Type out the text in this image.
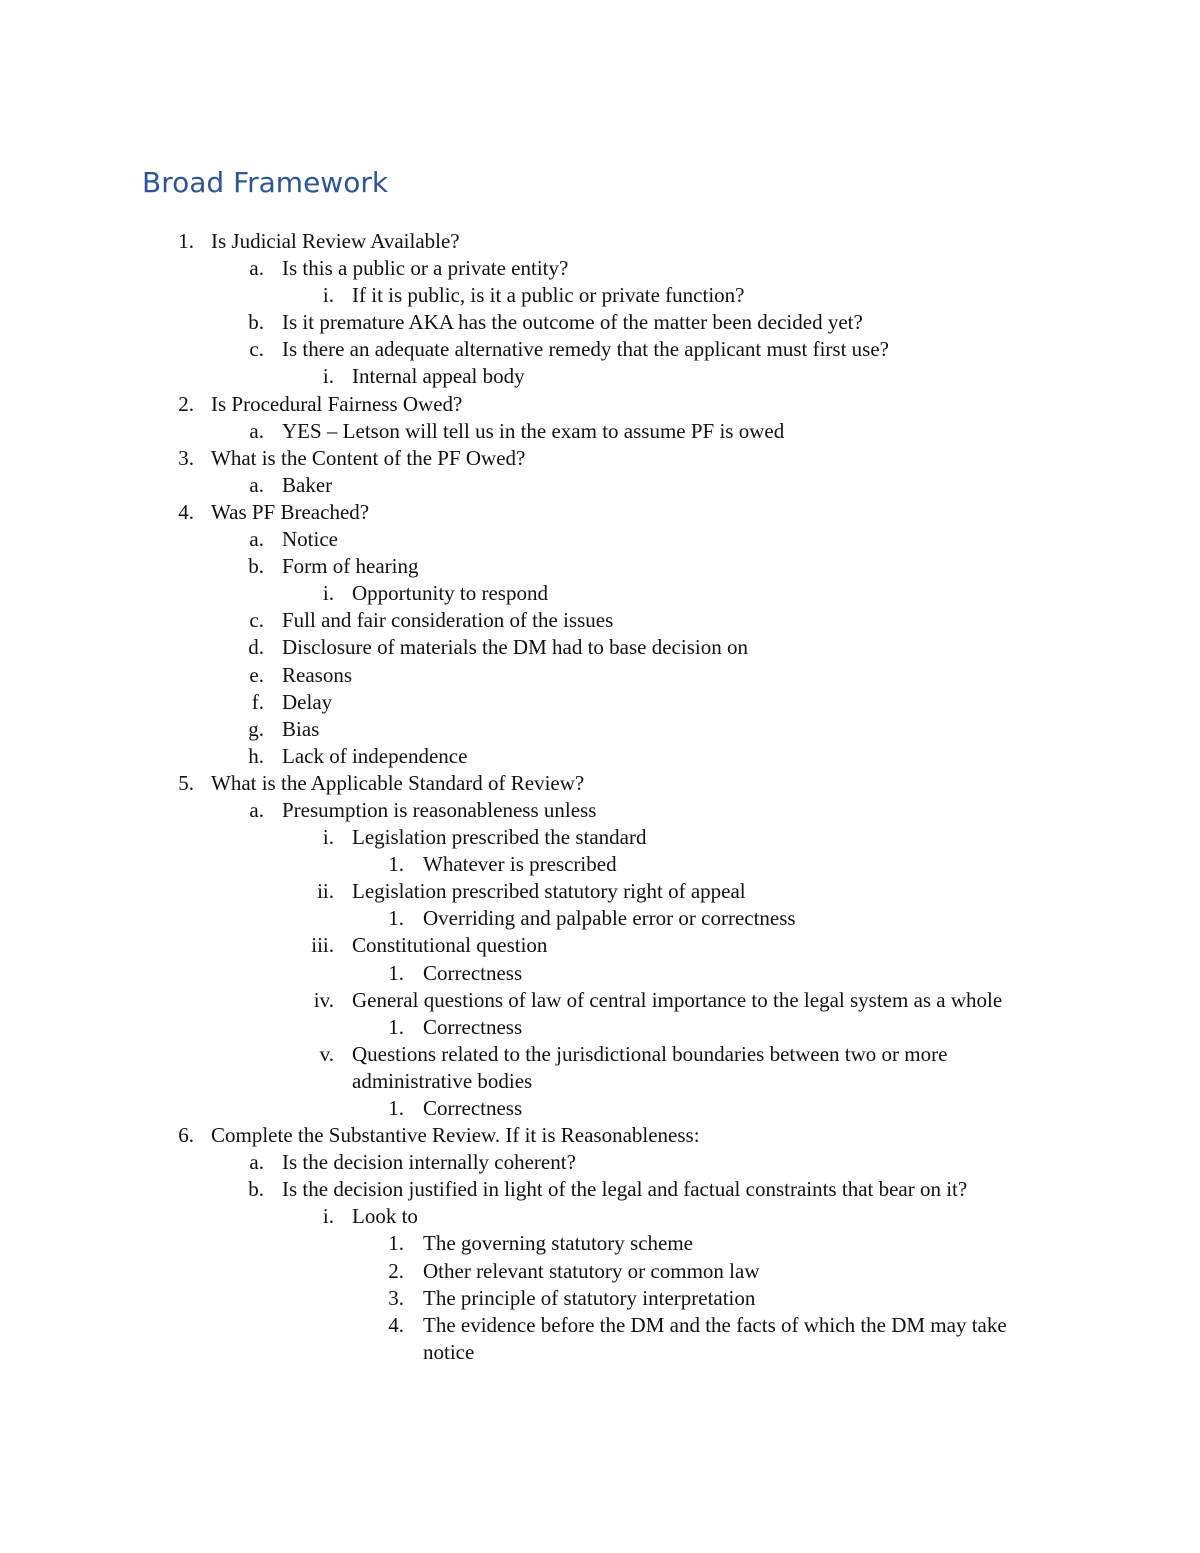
Broad Framework
1. Is Judicial Review Available?
a. Is this a public or a private entity?
i. If it is public, is it a public or private function?
b. Is it premature AKA has the outcome of the matter been decided yet?
c. Is there an adequate alternative remedy that the applicant must first use?
i. Internal appeal body
2. Is Procedural Fairness Owed?
a. YES – Letson will tell us in the exam to assume PF is owed
3. What is the Content of the PF Owed?
a. Baker
4. Was PF Breached?
a. Notice
b. Form of hearing
i. Opportunity to respond
c. Full and fair consideration of the issues
d. Disclosure of materials the DM had to base decision on
e. Reasons
f. Delay
g. Bias
h. Lack of independence
5. What is the Applicable Standard of Review?
a. Presumption is reasonableness unless
i. Legislation prescribed the standard
1. Whatever is prescribed
ii. Legislation prescribed statutory right of appeal
1. Overriding and palpable error or correctness
iii. Constitutional question
1. Correctness
iv. General questions of law of central importance to the legal system as a whole
1. Correctness
v. Questions related to the jurisdictional boundaries between two or more administrative bodies
1. Correctness
6. Complete the Substantive Review. If it is Reasonableness:
a. Is the decision internally coherent?
b. Is the decision justified in light of the legal and factual constraints that bear on it?
i. Look to
1. The governing statutory scheme
2. Other relevant statutory or common law
3. The principle of statutory interpretation
4. The evidence before the DM and the facts of which the DM may take notice
